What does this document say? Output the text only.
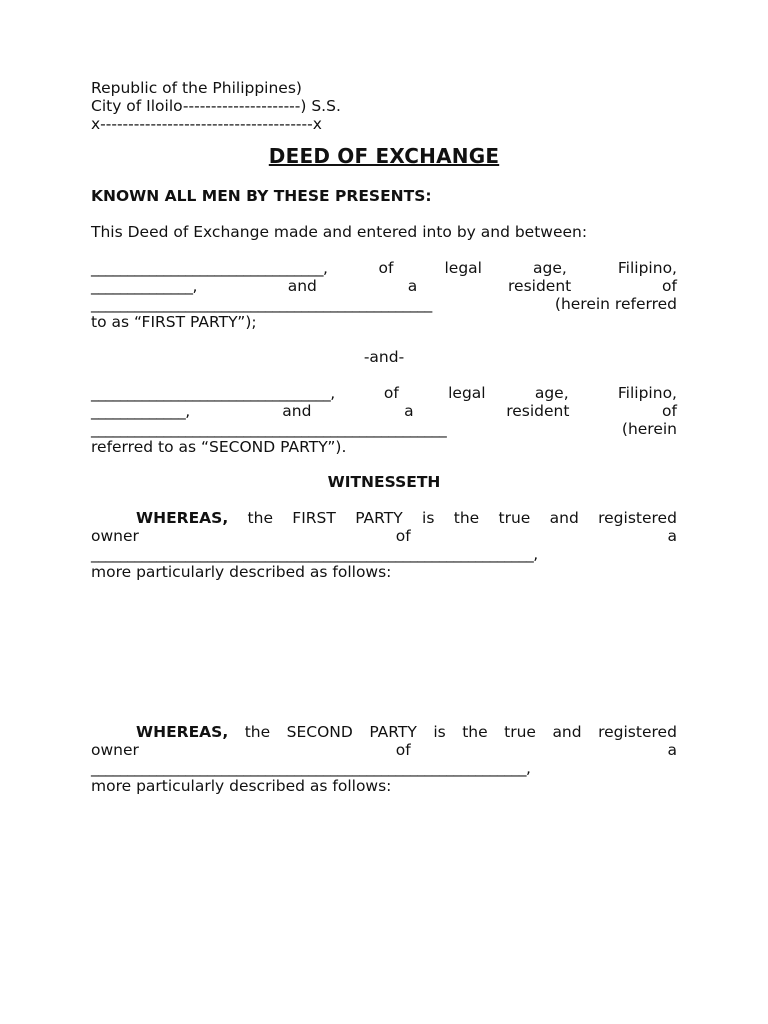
Republic of the Philippines)
City of Iloilo---------------------) S.S.
x--------------------------------------x
DEED OF EXCHANGE
KNOWN ALL MEN BY THESE PRESENTS:
This Deed of Exchange made and entered into by and between:
________________________________,	of	legal	age,	Filipino,
______________,	and	a	resident	of
_______________________________________________	(herein referred
to as “FIRST PARTY”);
-and-
_________________________________,	of	legal	age,	Filipino,
_____________,	and	a	resident	of
_________________________________________________	(herein
referred to as “SECOND PARTY”).
WITNESSETH
WHEREAS, the FIRST PARTY is the true and registered
owner	of	a
_____________________________________________________________,
more particularly described as follows:
WHEREAS, the SECOND PARTY is the true and registered
owner	of	a
____________________________________________________________,
more particularly described as follows:
